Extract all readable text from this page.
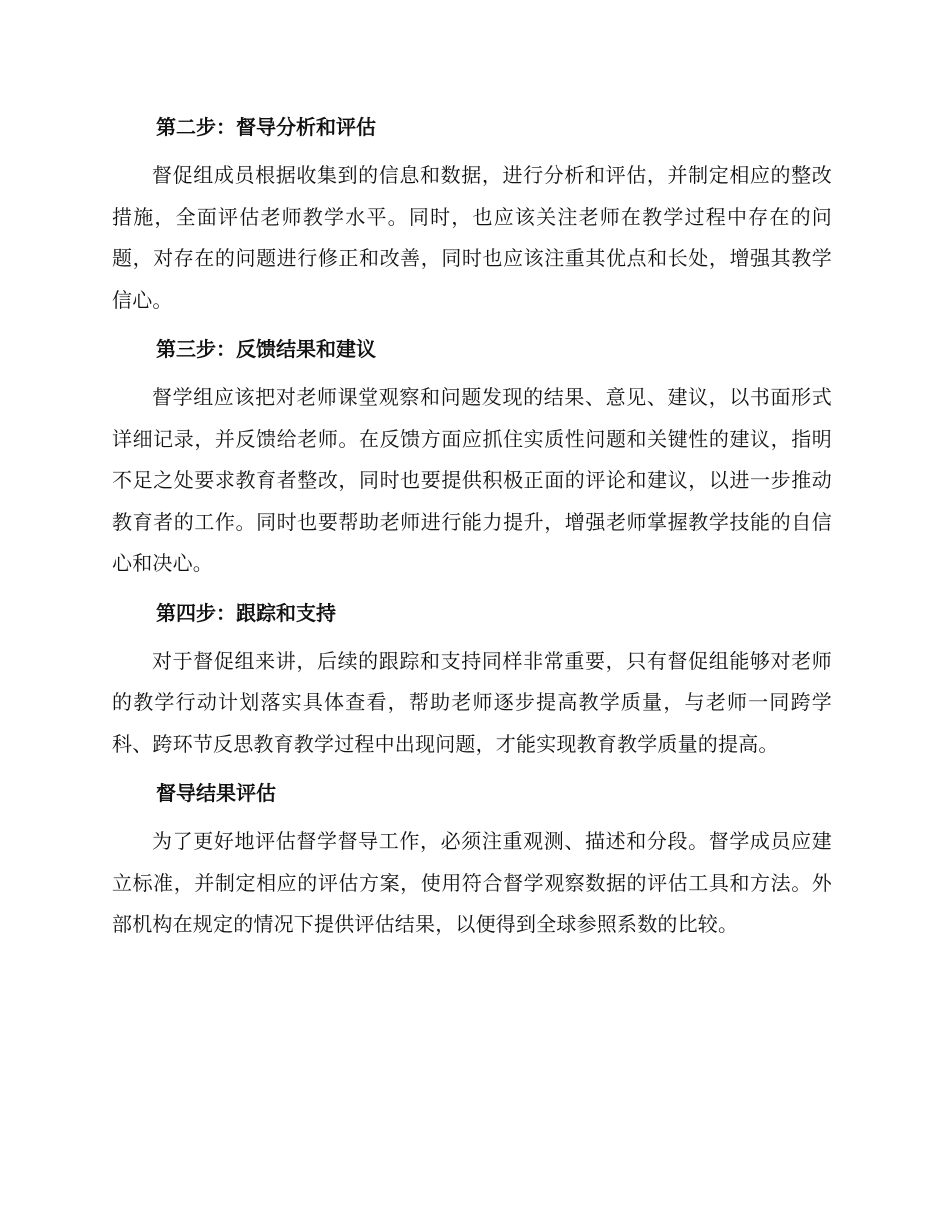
第二步：督导分析和评估

督促组成员根据收集到的信息和数据，进行分析和评估，并制定相应的整改措施，全面评估老师教学水平。同时，也应该关注老师在教学过程中存在的问题，对存在的问题进行修正和改善，同时也应该注重其优点和长处，增强其教学信心。

第三步：反馈结果和建议

督学组应该把对老师课堂观察和问题发现的结果、意见、建议，以书面形式详细记录，并反馈给老师。在反馈方面应抓住实质性问题和关键性的建议，指明不足之处要求教育者整改，同时也要提供积极正面的评论和建议，以进一步推动教育者的工作。同时也要帮助老师进行能力提升，增强老师掌握教学技能的自信心和决心。

第四步：跟踪和支持

对于督促组来讲，后续的跟踪和支持同样非常重要，只有督促组能够对老师的教学行动计划落实具体查看，帮助老师逐步提高教学质量，与老师一同跨学科、跨环节反思教育教学过程中出现问题，才能实现教育教学质量的提高。

督导结果评估

为了更好地评估督学督导工作，必须注重观测、描述和分段。督学成员应建立标准，并制定相应的评估方案，使用符合督学观察数据的评估工具和方法。外部机构在规定的情况下提供评估结果，以便得到全球参照系数的比较。
